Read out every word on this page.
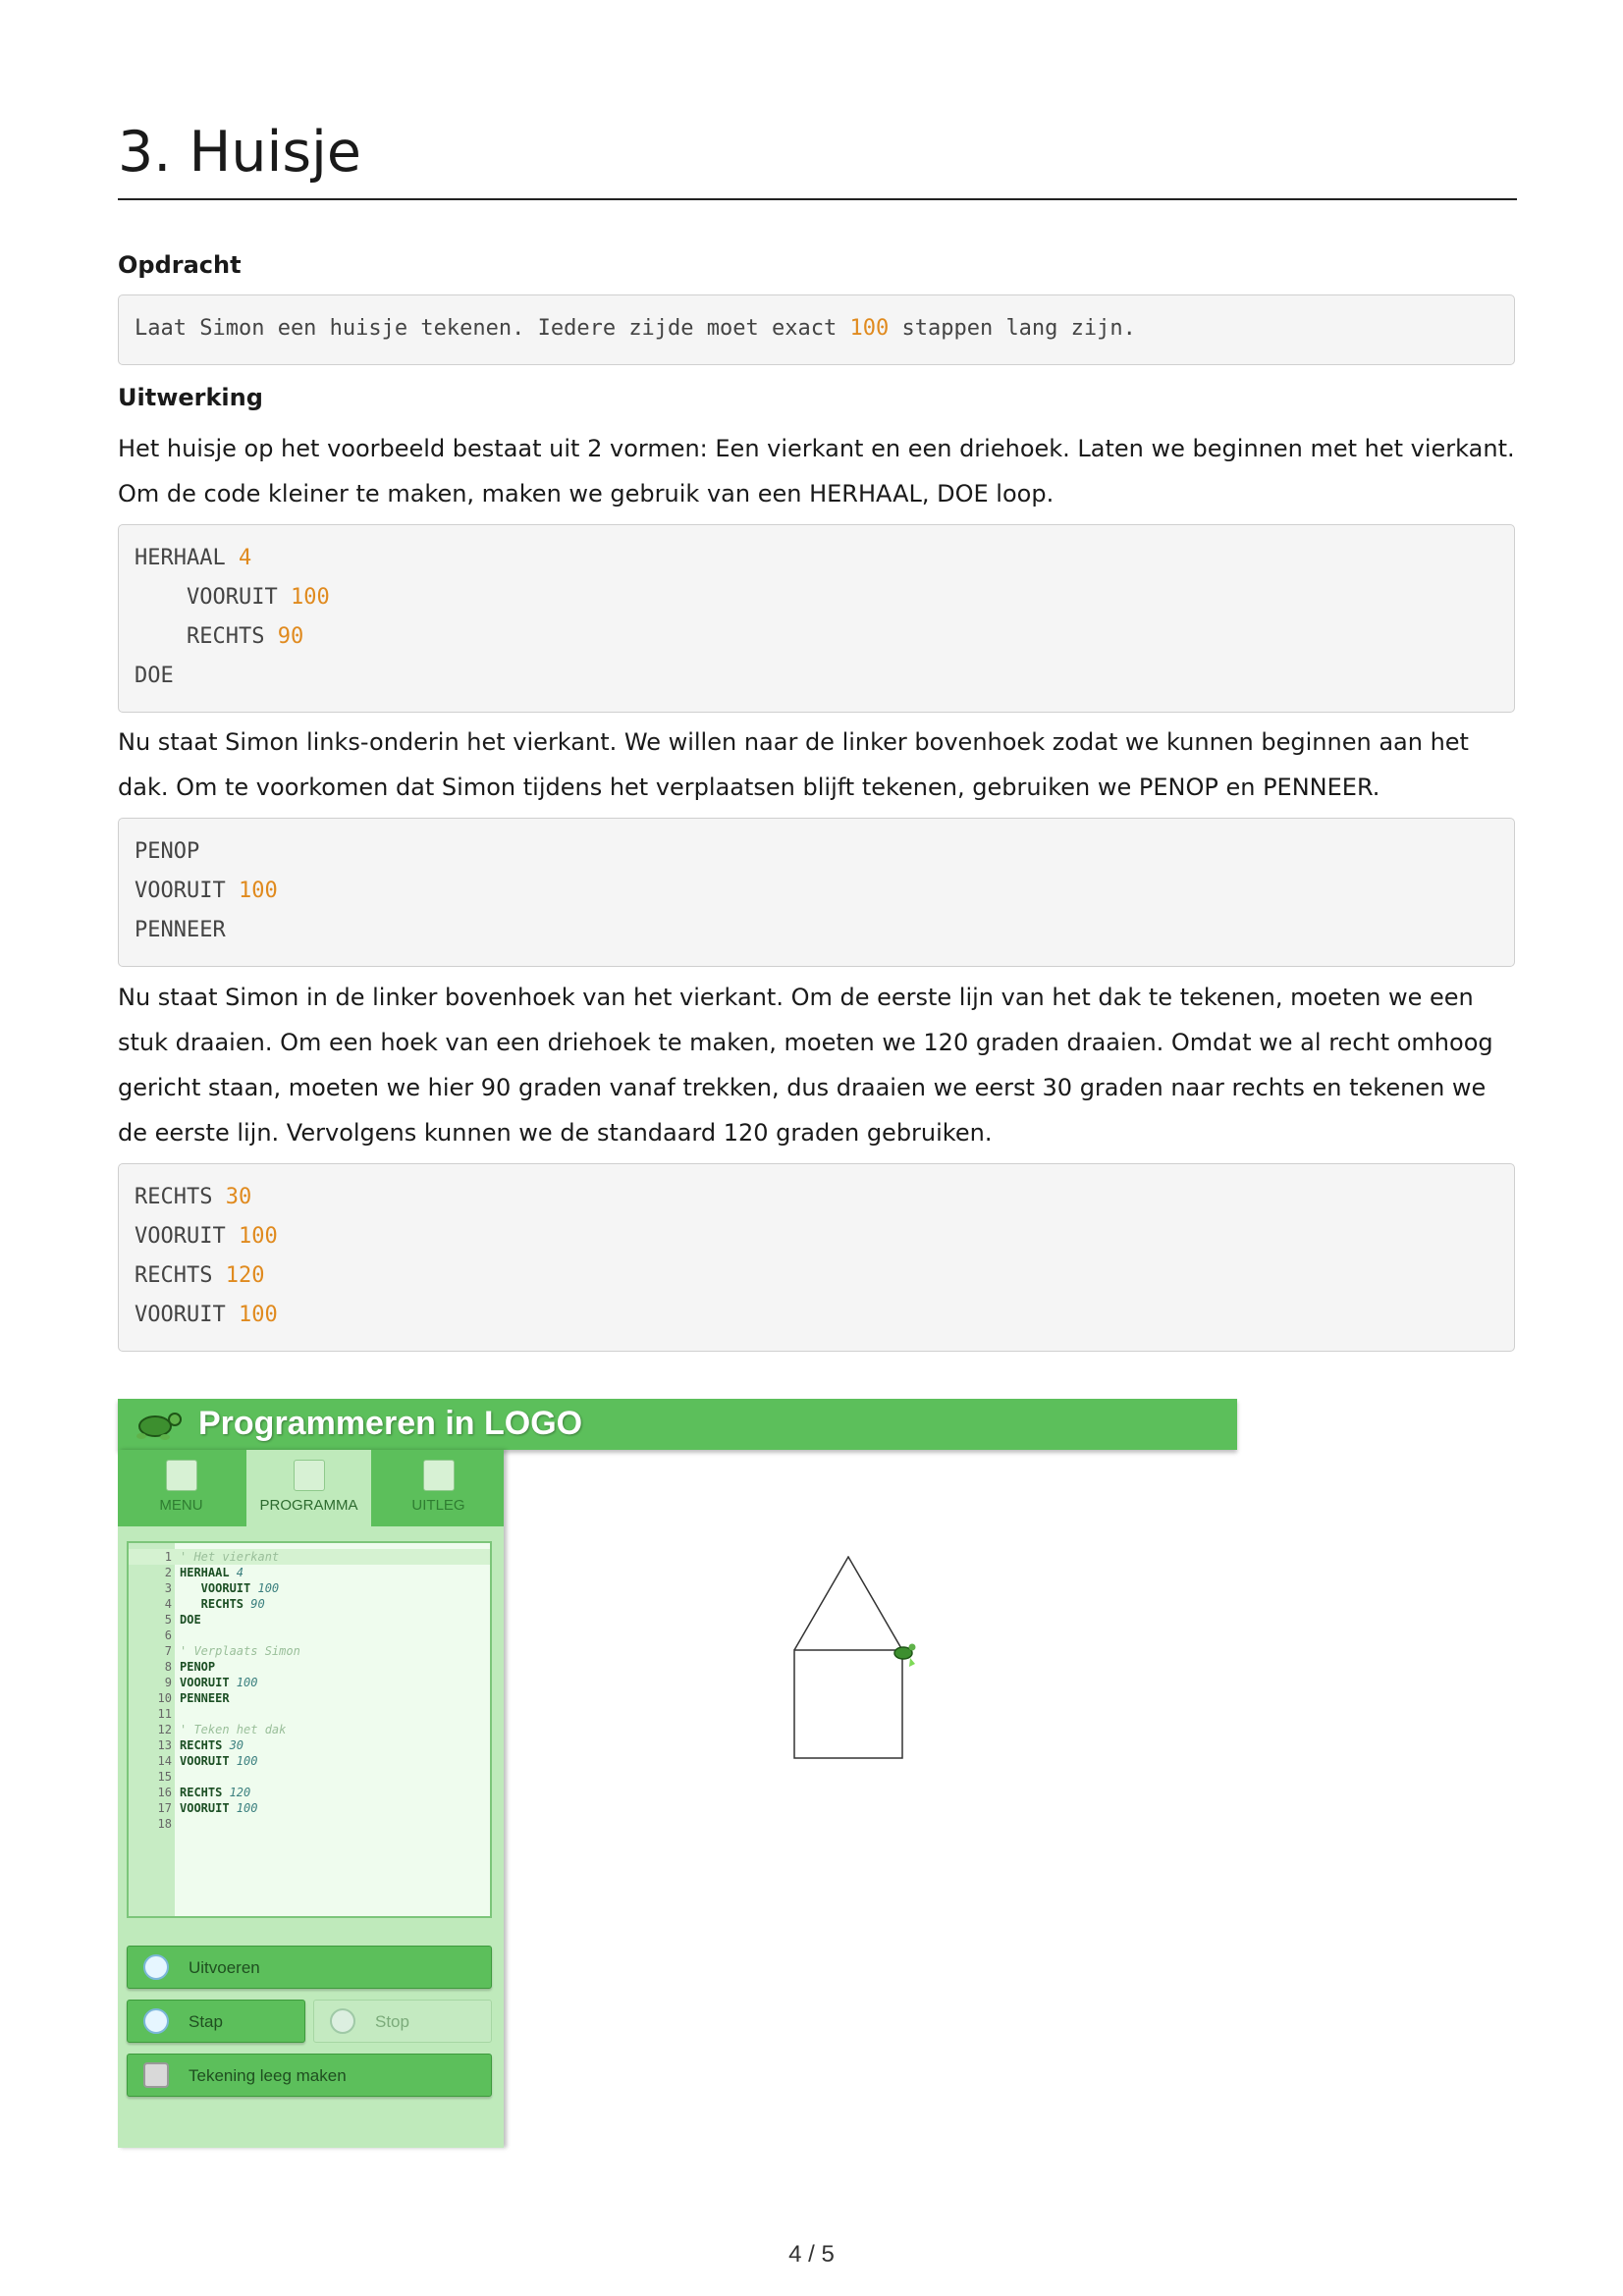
3. Huisje
Opdracht
Laat Simon een huisje tekenen. Iedere zijde moet exact 100 stappen lang zijn.
Uitwerking

Het huisje op het voorbeeld bestaat uit 2 vormen: Een vierkant en een driehoek. Laten we beginnen met het vierkant. Om de code kleiner te maken, maken we gebruik van een HERHAAL, DOE loop.

HERHAAL 4
VOORUIT 100
RECHTS 90
DOE

Nu staat Simon links-onderin het vierkant. We willen naar de linker bovenhoek zodat we kunnen beginnen aan het dak. Om te voorkomen dat Simon tijdens het verplaatsen blijft tekenen, gebruiken we PENOP en PENNEER.

PENOP
VOORUIT 100
PENNEER

Nu staat Simon in de linker bovenhoek van het vierkant. Om de eerste lijn van het dak te tekenen, moeten we een stuk draaien. Om een hoek van een driehoek te maken, moeten we 120 graden draaien. Omdat we al recht omhoog gericht staan, moeten we hier 90 graden vanaf trekken, dus draaien we eerst 30 graden naar rechts en tekenen we de eerste lijn. Vervolgens kunnen we de standaard 120 graden gebruiken.

RECHTS 30
VOORUIT 100
RECHTS 120
VOORUIT 100
Programmeren in LOGO
MENU	PROGRAMMA	UITLEG
1 ' Het vierkant
2 HERHAAL 4
3 VOORUIT 100
4 RECHTS 90
5 DOE
6
7 ' Verplaats Simon
8 PENOP
9 VOORUIT 100
10 PENNEER
11
12 ' Teken het dak
13 RECHTS 30
14 VOORUIT 100
15
16 RECHTS 120
17 VOORUIT 100
18
Uitvoeren
Stap	Stop
Tekening leeg maken
4 / 5
